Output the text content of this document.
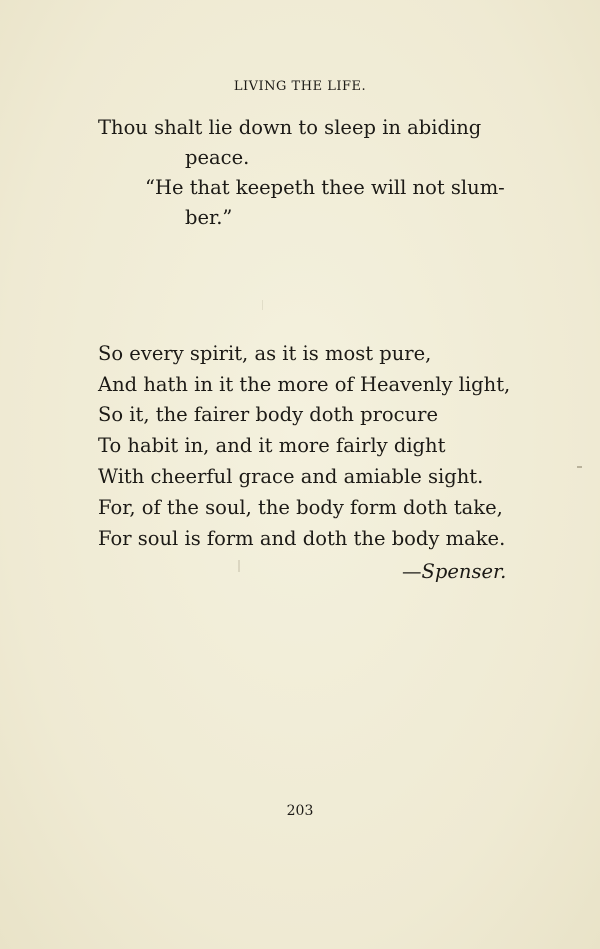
LIVING THE LIFE.
Thou shalt lie down to sleep in abiding
peace.
“He that keepeth thee will not slum-
ber.”
So every spirit, as it is most pure,
And hath in it the more of Heavenly light,
So it, the fairer body doth procure
To habit in, and it more fairly dight
With cheerful grace and amiable sight.
For, of the soul, the body form doth take,
For soul is form and doth the body make.
—Spenser.
203
